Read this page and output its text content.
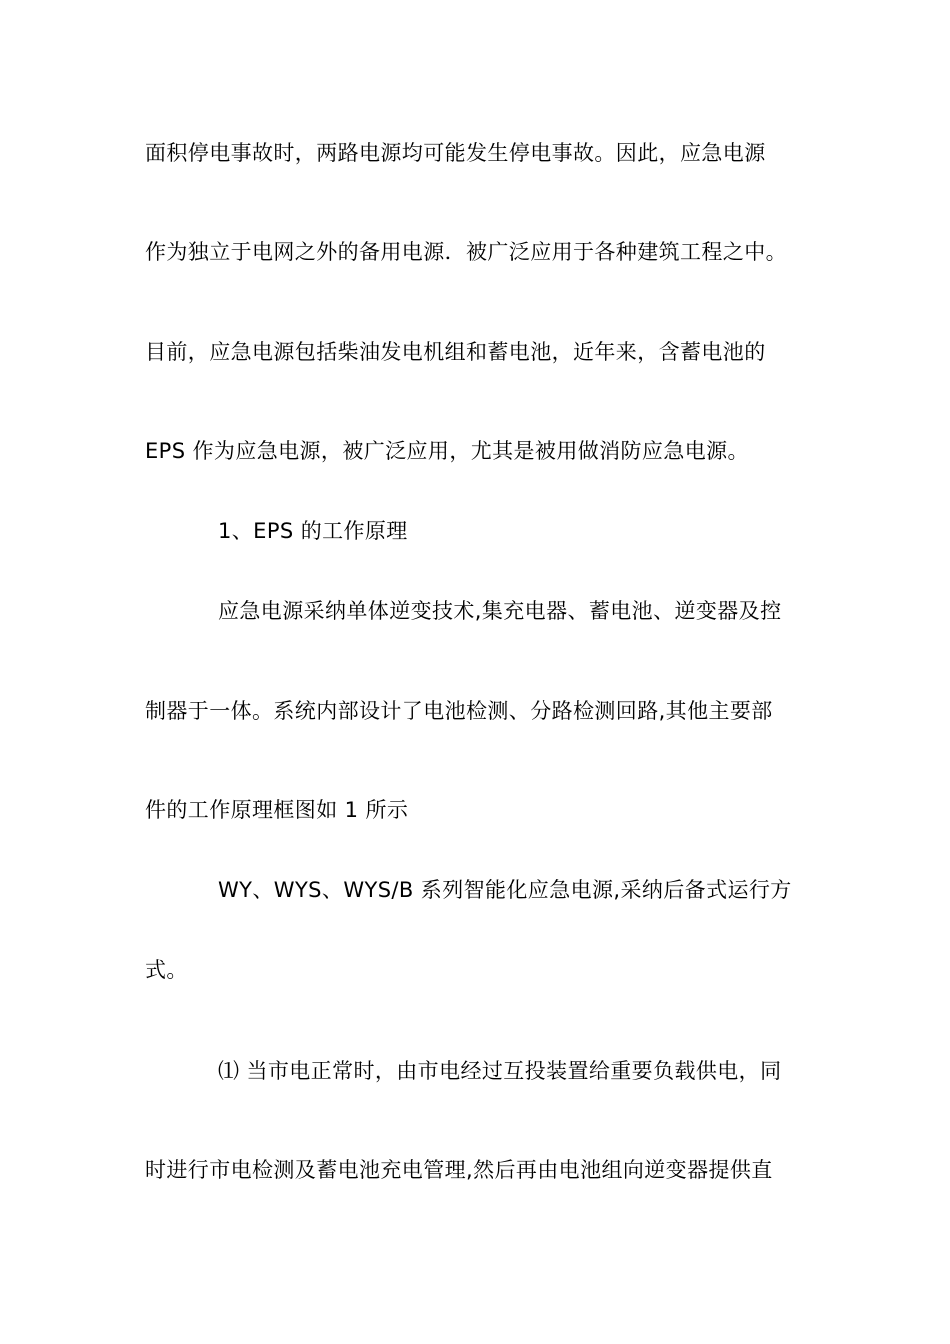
面积停电事故时，两路电源均可能发生停电事故。因此，应急电源
作为独立于电网之外的备用电源．被广泛应用于各种建筑工程之中。
目前，应急电源包括柴油发电机组和蓄电池，近年来，含蓄电池的
EPS 作为应急电源，被广泛应用，尤其是被用做消防应急电源。
1、EPS 的工作原理
应急电源采纳单体逆变技术,集充电器、蓄电池、逆变器及控
制器于一体。系统内部设计了电池检测、分路检测回路,其他主要部
件的工作原理框图如 1 所示
WY、WYS、WYS/B 系列智能化应急电源,采纳后备式运行方
式。
⑴ 当市电正常时，由市电经过互投装置给重要负载供电，同
时进行市电检测及蓄电池充电管理,然后再由电池组向逆变器提供直
